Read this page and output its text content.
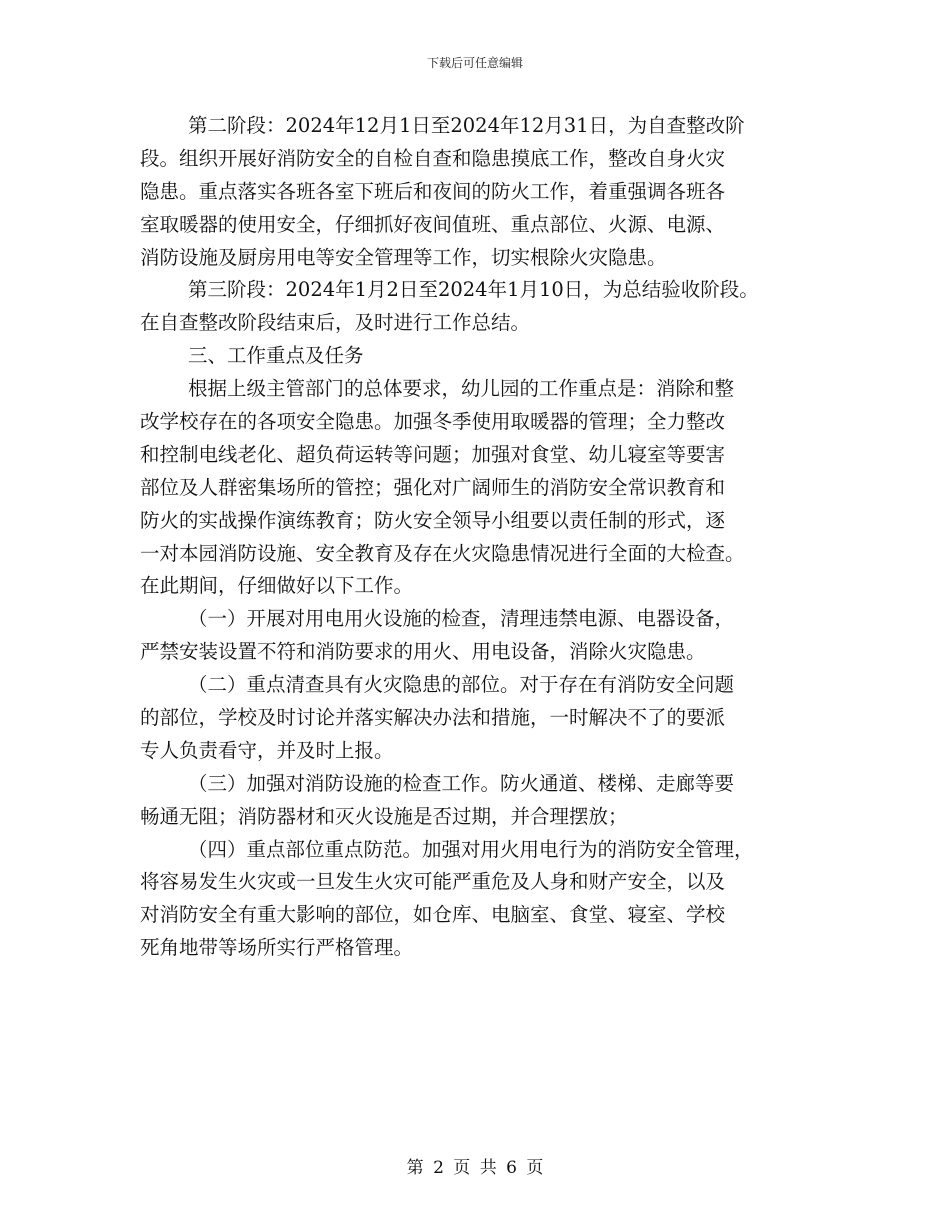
下载后可任意编辑
第二阶段：2024年12月1日至2024年12月31日，为自查整改阶
段。组织开展好消防安全的自检自查和隐患摸底工作，整改自身火灾
隐患。重点落实各班各室下班后和夜间的防火工作，着重强调各班各
室取暖器的使用安全，仔细抓好夜间值班、重点部位、火源、电源、
消防设施及厨房用电等安全管理等工作，切实根除火灾隐患。
第三阶段：2024年1月2日至2024年1月10日，为总结验收阶段。
在自查整改阶段结束后，及时进行工作总结。
三、工作重点及任务
根据上级主管部门的总体要求，幼儿园的工作重点是：消除和整
改学校存在的各项安全隐患。加强冬季使用取暖器的管理；全力整改
和控制电线老化、超负荷运转等问题；加强对食堂、幼儿寝室等要害
部位及人群密集场所的管控；强化对广阔师生的消防安全常识教育和
防火的实战操作演练教育；防火安全领导小组要以责任制的形式，逐
一对本园消防设施、安全教育及存在火灾隐患情况进行全面的大检查。
在此期间，仔细做好以下工作。
（一）开展对用电用火设施的检查，清理违禁电源、电器设备，
严禁安装设置不符和消防要求的用火、用电设备，消除火灾隐患。
（二）重点清查具有火灾隐患的部位。对于存在有消防安全问题
的部位，学校及时讨论并落实解决办法和措施，一时解决不了的要派
专人负责看守，并及时上报。
（三）加强对消防设施的检查工作。防火通道、楼梯、走廊等要
畅通无阻；消防器材和灭火设施是否过期，并合理摆放；
（四）重点部位重点防范。加强对用火用电行为的消防安全管理，
将容易发生火灾或一旦发生火灾可能严重危及人身和财产安全，以及
对消防安全有重大影响的部位，如仓库、电脑室、食堂、寝室、学校
死角地带等场所实行严格管理。
第 2 页 共 6 页
